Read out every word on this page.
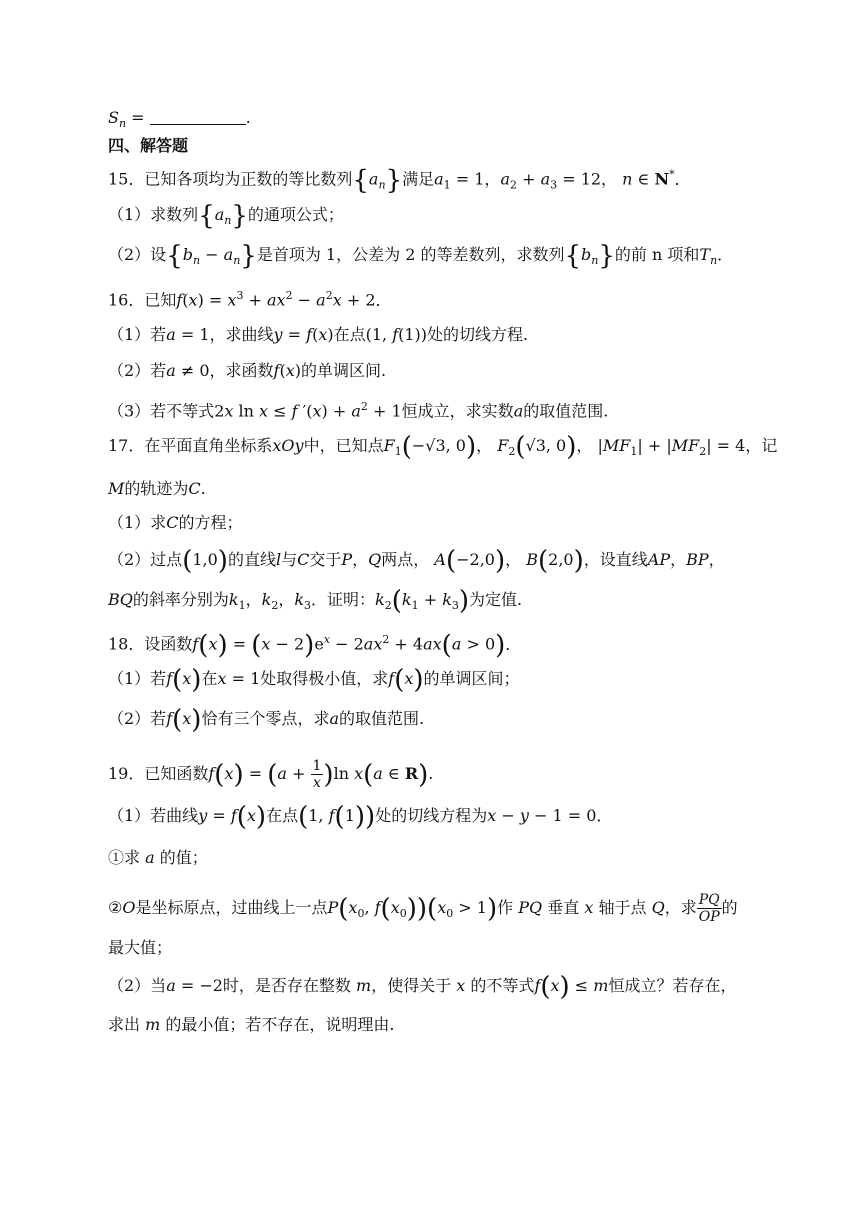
$S_n$ =	.
四、解答题
15．已知各项均为正数的等比数列$\{a_n\}$满足$a_1 = 1$，$a_2 + a_3 = 12$， n ∈ N*．
（1）求数列$\{a_n\}$的通项公式；
（2）设$\{b_n - a_n\}$是首项为 1，公差为 2 的等差数列，求数列$\{b_n\}$的前 n 项和$T_n$．
16．已知$f(x) = x^3 + ax^2 - a^2x + 2$．
（1）若a = 1，求曲线y = f(x)在点(1, f(1))处的切线方程.
（2）若a ≠ 0，求函数f(x)的单调区间.
（3）若不等式2x ln x ≤ f $'(x) + a^2 + 1$恒成立，求实数a的取值范围.
17．在平面直角坐标系xOy中，已知点$F_1(-√3$, 0)， $F_2(√3$, 0)， $|MF_1| + |MF_2| = 4$，记
M的轨迹为C.
（1）求C的方程；
（2）过点(1,0)的直线l与C交于P，Q两点， A(−2,0)， B(2,0)，设直线AP，BP，
BQ的斜率分别为$k_1$，$k_2$，$k_3$．证明：$k_2(k_1 + k_3)$为定值.
18．设函数$f(x) = (x - 2)e^x - 2ax^2 + 4ax(a > 0)$．
（1）若f(x)在x = 1处取得极小值，求f(x)的单调区间；
（2）若f(x)恰有三个零点，求a的取值范围.
19．已知函数$f(x) = (a + \frac{1}{x} )\ln$ x(a ∈ R).
（1）若曲线y = f(x)在点(1, f(1))处的切线方程为x − y − 1 = 0．
①求 a 的值；
②O是坐标原点，过曲线上一点$P(x_0$, $f(x_0))(x_0 > 1)$作 PQ 垂直 x 轴于点 Q，求 $\frac{PQ}{OP}$ 的
最大值；
（2）当a = −2时，是否存在整数 m，使得关于 x 的不等式f(x) ≤ m恒成立？若存在，
求出 m 的最小值；若不存在，说明理由.
